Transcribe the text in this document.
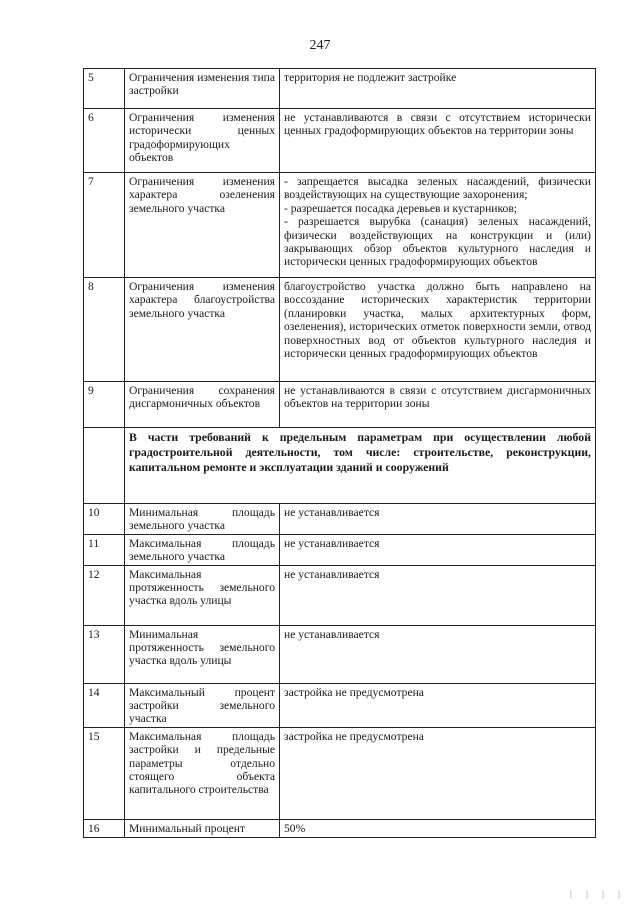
247
5	Ограничения изменения типа застройки	территория не подлежит застройке
6	Ограничения изменения исторически ценных градоформирующих объектов	не устанавливаются в связи с отсутствием исторически ценных градоформирующих объектов на территории зоны
7	Ограничения изменения характера озеленения земельного участка	- запрещается высадка зеленых насаждений, физически воздействующих на существующие захоронения;
- разрешается посадка деревьев и кустарников;
- разрешается вырубка (санация) зеленых насаждений, физически воздействующих на конструкции и (или) закрывающих обзор объектов культурного наследия и исторически ценных градоформирующих объектов
8	Ограничения изменения характера благоустройства земельного участка	благоустройство участка должно быть направлено на воссоздание исторических характеристик территории (планировки участка, малых архитектурных форм, озеленения), исторических отметок поверхности земли, отвод поверхностных вод от объектов культурного наследия и исторически ценных градоформирующих объектов
9	Ограничения сохранения дисгармоничных объектов	не устанавливаются в связи с отсутствием дисгармоничных объектов на территории зоны
	В части требований к предельным параметрам при осуществлении любой градостроительной деятельности, том числе: строительстве, реконструкции, капитальном ремонте и эксплуатации зданий и сооружений	
10	Минимальная площадь земельного участка	не устанавливается
11	Максимальная площадь земельного участка	не устанавливается
12	Максимальная протяженность земельного участка вдоль улицы	не устанавливается
13	Минимальная протяженность земельного участка вдоль улицы	не устанавливается
14	Максимальный процент застройки земельного участка	застройка не предусмотрена
15	Максимальная площадь застройки и предельные параметры отдельно стоящего объекта капитального строительства	застройка не предусмотрена
16	Минимальный процент	50%
| | | |
